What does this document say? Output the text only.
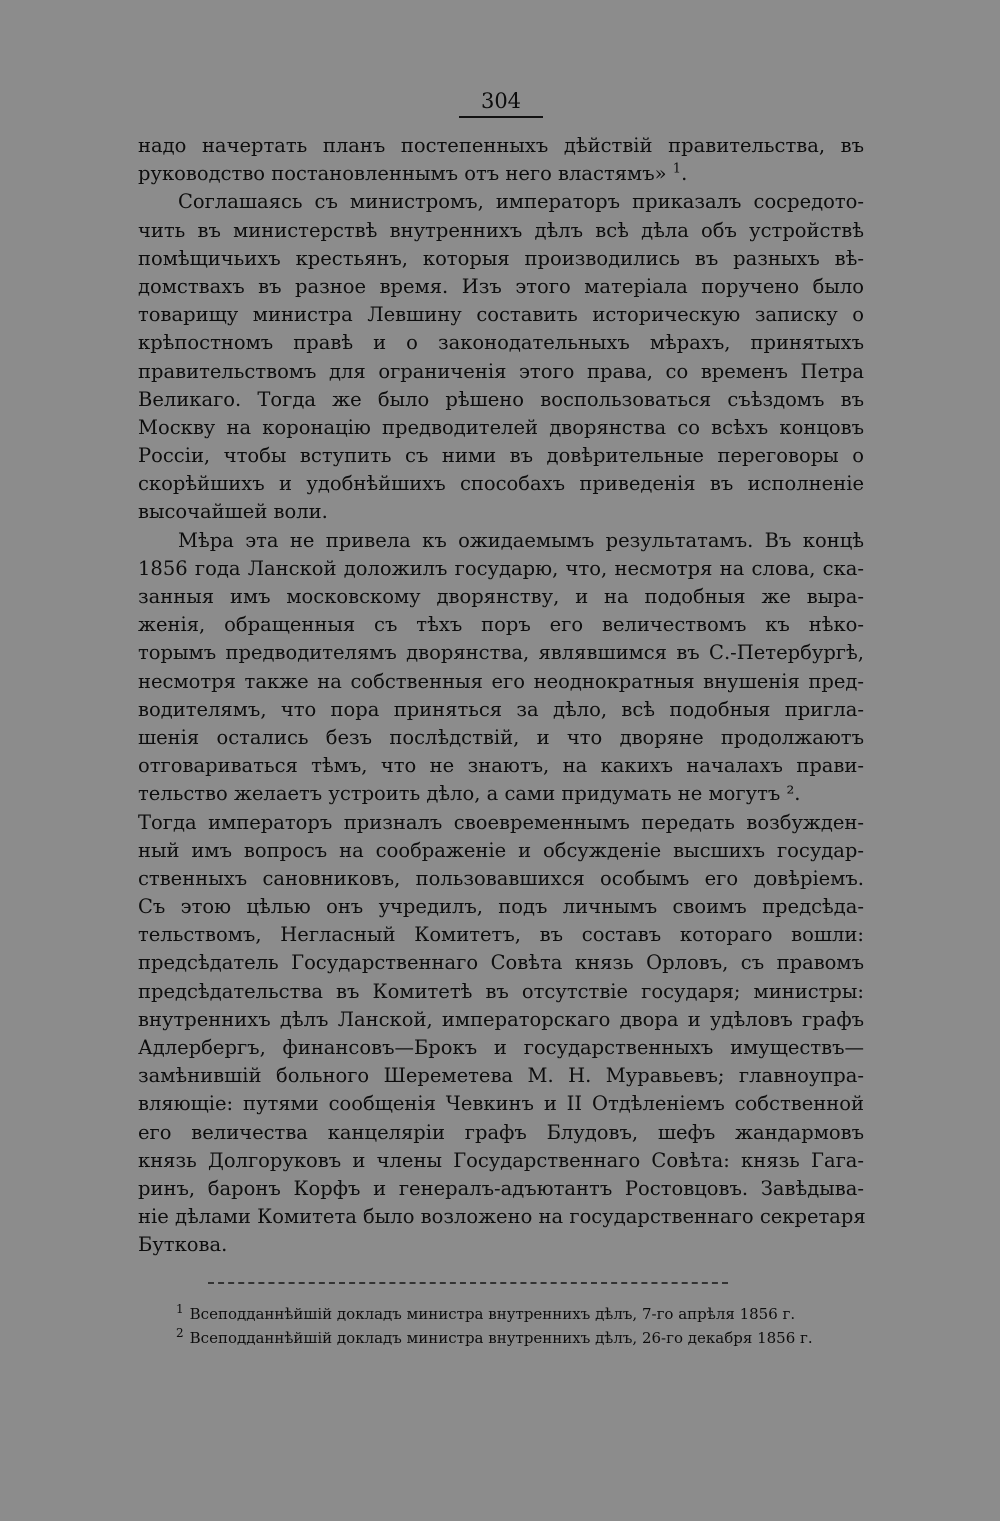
304
надо начертать планъ постепенныхъ дѣйствій правительства, въ
руководство постановленнымъ отъ него властямъ» $^1$.
Соглашаясь съ министромъ, императоръ приказалъ сосредото-
чить въ министерствѣ внутреннихъ дѣлъ всѣ дѣла объ устройствѣ
помѣщичьихъ крестьянъ, которыя производились въ разныхъ вѣ-
домствахъ въ разное время. Изъ этого матеріала поручено было
товарищу министра Левшину составить историческую записку о
крѣпостномъ правѣ и о законодательныхъ мѣрахъ, принятыхъ
правительствомъ для ограниченія этого права, со временъ Петра
Великаго. Тогда же было рѣшено воспользоваться съѣздомъ въ
Москву на коронацію предводителей дворянства со всѣхъ концовъ
Россіи, чтобы вступить съ ними въ довѣрительные переговоры о
скорѣйшихъ и удобнѣйшихъ способахъ приведенія въ исполненіе
высочайшей воли.
Мѣра эта не привела къ ожидаемымъ результатамъ. Въ концѣ
1856 года Ланской доложилъ государю, что, несмотря на слова, ска-
занныя имъ московскому дворянству, и на подобныя же выра-
женія, обращенныя съ тѣхъ поръ его величествомъ къ нѣко-
торымъ предводителямъ дворянства, являвшимся въ С.-Петербургѣ,
несмотря также на собственныя его неоднократныя внушенія пред-
водителямъ, что пора приняться за дѣло, всѣ подобныя пригла-
шенія остались безъ послѣдствій, и что дворяне продолжаютъ
отговариваться тѣмъ, что не знаютъ, на какихъ началахъ прави-
тельство желаетъ устроить дѣло, а сами придумать не могутъ ².
Тогда императоръ призналъ своевременнымъ передать возбужден-
ный имъ вопросъ на соображеніе и обсужденіе высшихъ государ-
ственныхъ сановниковъ, пользовавшихся особымъ его довѣріемъ.
Съ этою цѣлью онъ учредилъ, подъ личнымъ своимъ предсѣда-
тельствомъ, Негласный Комитетъ, въ составъ котораго вошли:
предсѣдатель Государственнаго Совѣта князь Орловъ, съ правомъ
предсѣдательства въ Комитетѣ въ отсутствіе государя; министры:
внутреннихъ дѣлъ Ланской, императорскаго двора и удѣловъ графъ
Адлербергъ, финансовъ—Брокъ и государственныхъ имуществъ—
замѣнившій больного Шереметева М. Н. Муравьевъ; главноупра-
вляющіе: путями сообщенія Чевкинъ и II Отдѣленіемъ собственной
его величества канцеляріи графъ Блудовъ, шефъ жандармовъ
князь Долгоруковъ и члены Государственнаго Совѣта: князь Гага-
ринъ, баронъ Корфъ и генералъ-адъютантъ Ростовцовъ. Завѣдыва-
ніе дѣлами Комитета было возложено на государственнаго секретаря
Буткова.
$^1$ Всеподданнѣйшій докладъ министра внутреннихъ дѣлъ, 7-го апрѣля 1856 г.
$^2$ Всеподданнѣйшій докладъ министра внутреннихъ дѣлъ, 26-го декабря 1856 г.
